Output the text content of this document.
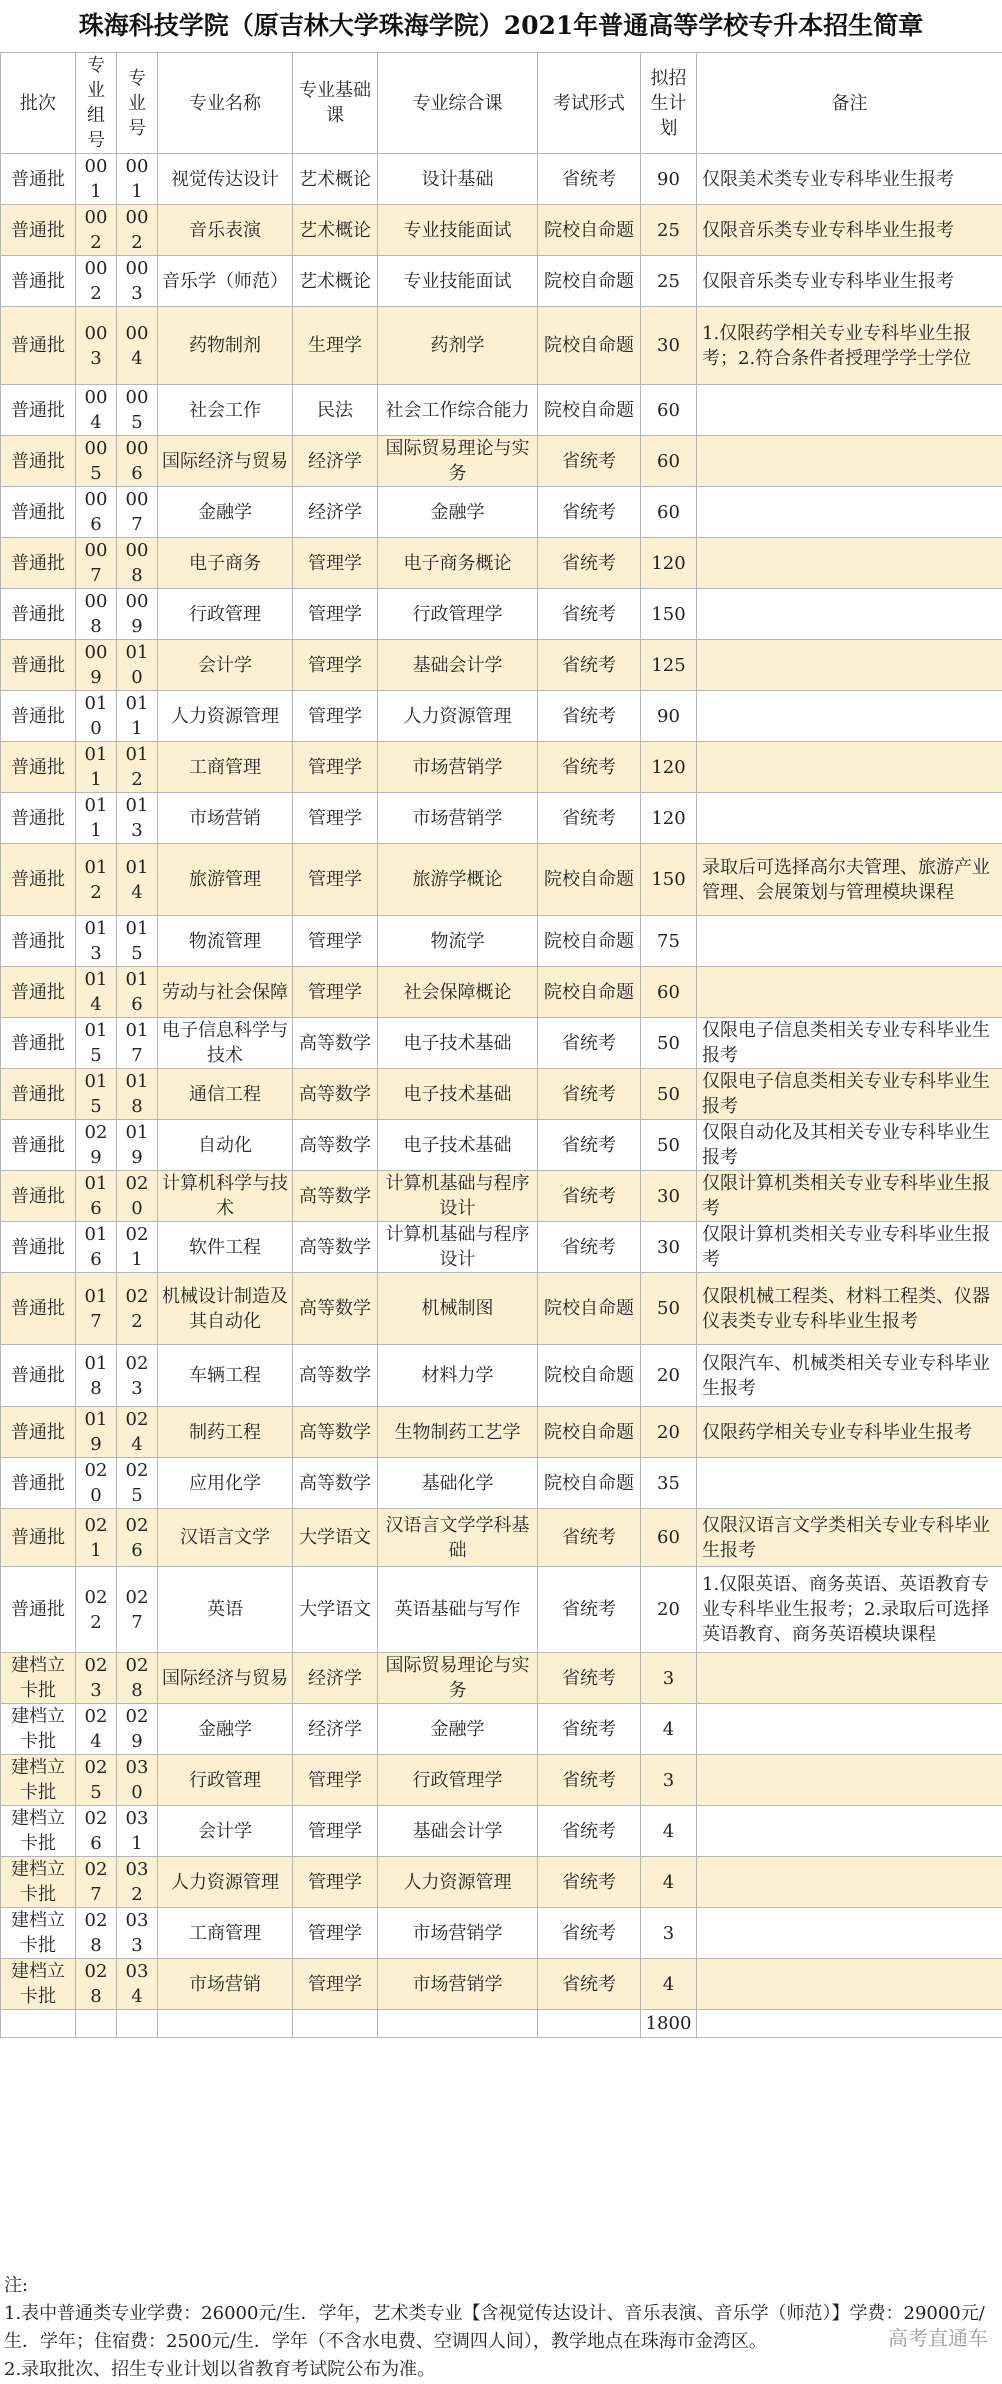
珠海科技学院（原吉林大学珠海学院）2021年普通高等学校专升本招生简章
批次	专业组号	专业号	专业名称	专业基础课	专业综合课	考试形式	拟招生计划	备注
普通批	001	001	视觉传达设计	艺术概论	设计基础	省统考	90	仅限美术类专业专科毕业生报考
普通批	002	002	音乐表演	艺术概论	专业技能面试	院校自命题	25	仅限音乐类专业专科毕业生报考
普通批	002	003	音乐学（师范）	艺术概论	专业技能面试	院校自命题	25	仅限音乐类专业专科毕业生报考
普通批	003	004	药物制剂	生理学	药剂学	院校自命题	30	1.仅限药学相关专业专科毕业生报考；2.符合条件者授理学学士学位
普通批	004	005	社会工作	民法	社会工作综合能力	院校自命题	60	
普通批	005	006	国际经济与贸易	经济学	国际贸易理论与实务	省统考	60	
普通批	006	007	金融学	经济学	金融学	省统考	60	
普通批	007	008	电子商务	管理学	电子商务概论	省统考	120	
普通批	008	009	行政管理	管理学	行政管理学	省统考	150	
普通批	009	010	会计学	管理学	基础会计学	省统考	125	
普通批	010	011	人力资源管理	管理学	人力资源管理	省统考	90	
普通批	011	012	工商管理	管理学	市场营销学	省统考	120	
普通批	011	013	市场营销	管理学	市场营销学	省统考	120	
普通批	012	014	旅游管理	管理学	旅游学概论	院校自命题	150	录取后可选择高尔夫管理、旅游产业管理、会展策划与管理模块课程
普通批	013	015	物流管理	管理学	物流学	院校自命题	75	
普通批	014	016	劳动与社会保障	管理学	社会保障概论	院校自命题	60	
普通批	015	017	电子信息科学与技术	高等数学	电子技术基础	省统考	50	仅限电子信息类相关专业专科毕业生报考
普通批	015	018	通信工程	高等数学	电子技术基础	省统考	50	仅限电子信息类相关专业专科毕业生报考
普通批	029	019	自动化	高等数学	电子技术基础	省统考	50	仅限自动化及其相关专业专科毕业生报考
普通批	016	020	计算机科学与技术	高等数学	计算机基础与程序设计	省统考	30	仅限计算机类相关专业专科毕业生报考
普通批	016	021	软件工程	高等数学	计算机基础与程序设计	省统考	30	仅限计算机类相关专业专科毕业生报考
普通批	017	022	机械设计制造及其自动化	高等数学	机械制图	院校自命题	50	仅限机械工程类、材料工程类、仪器仪表类专业专科毕业生报考
普通批	018	023	车辆工程	高等数学	材料力学	院校自命题	20	仅限汽车、机械类相关专业专科毕业生报考
普通批	019	024	制药工程	高等数学	生物制药工艺学	院校自命题	20	仅限药学相关专业专科毕业生报考
普通批	020	025	应用化学	高等数学	基础化学	院校自命题	35	
普通批	021	026	汉语言文学	大学语文	汉语言文学学科基础	省统考	60	仅限汉语言文学类相关专业专科毕业生报考
普通批	022	027	英语	大学语文	英语基础与写作	省统考	20	1.仅限英语、商务英语、英语教育专业专科毕业生报考；2.录取后可选择英语教育、商务英语模块课程
建档立卡批	023	028	国际经济与贸易	经济学	国际贸易理论与实务	省统考	3	
建档立卡批	024	029	金融学	经济学	金融学	省统考	4	
建档立卡批	025	030	行政管理	管理学	行政管理学	省统考	3	
建档立卡批	026	031	会计学	管理学	基础会计学	省统考	4	
建档立卡批	027	032	人力资源管理	管理学	人力资源管理	省统考	4	
建档立卡批	028	033	工商管理	管理学	市场营销学	省统考	3	
建档立卡批	028	034	市场营销	管理学	市场营销学	省统考	4	
							1800	
注:
1.表中普通类专业学费：26000元/生．学年，艺术类专业【含视觉传达设计、音乐表演、音乐学（师范）】学费：29000元/生．学年；住宿费：2500元/生．学年（不含水电费、空调四人间），教学地点在珠海市金湾区。
2.录取批次、招生专业计划以省教育考试院公布为准。
高考直通车
